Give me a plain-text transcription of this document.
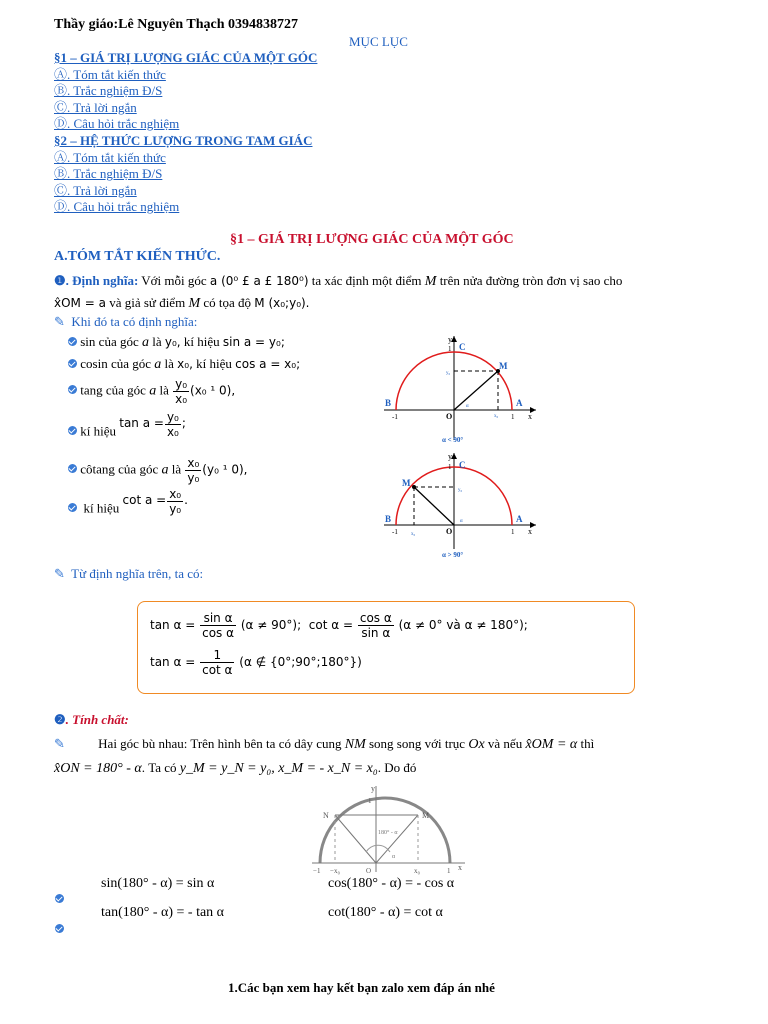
Thầy giáo:Lê Nguyên Thạch 0394838727
MỤC LỤC
§1 – GIÁ TRỊ LƯỢNG GIÁC CỦA MỘT GÓC
Ⓐ. Tóm tắt kiến thức
Ⓑ. Trắc nghiệm Đ/S
Ⓒ. Trả lời ngắn
Ⓓ. Câu hỏi trắc nghiệm
§2 – HỆ THỨC LƯỢNG TRONG TAM GIÁC
Ⓐ. Tóm tắt kiến thức
Ⓑ. Trắc nghiệm Đ/S
Ⓒ. Trả lời ngắn
Ⓓ. Câu hỏi trắc nghiệm
§1 – GIÁ TRỊ LƯỢNG GIÁC CỦA MỘT GÓC
A.TÓM TẮT KIẾN THỨC.
❶. Định nghĩa: Với mỗi góc a (0⁰ £ a £ 180⁰) ta xác định một điểm M trên nửa đường tròn đơn vị sao cho
x̂OM = a và giả sử điểm M có tọa độ M (x₀;y₀).
✎ Khi đó ta có định nghĩa:
sin của góc a là y₀, kí hiệu sin a = y₀;
cosin của góc a là x₀, kí hiệu cos a = x₀;
tang của góc a là $\frac{\text{y₀}}{\text{x₀}} (x_0$ ¹ 0),
kí hiệu $\tan a = \frac{\text{y₀}}{\text{x₀}}$ ;
côtang của góc a là $\frac{\text{x₀}}{\text{y₀}} (y_0$ ¹ 0),
kí hiệu $\cot a = \frac{\text{x₀}}{\text{y₀}}$ .
C
M
B	A
O
y
x
1
-1	1
y₀
x₀
α
α < 90°
C
M
B	A
O
y
x
1
-1	1
y₀
x₀
α
α > 90°
✎ Từ định nghĩa trên, ta có:
$\tan \alpha = \frac{\text{sin α}}{\text{cos α}} (\alpha \ne 90^\circ)$; $\cot \alpha = \frac{\text{cos α}}{\text{sin α}} (\alpha \ne 0^\circ$ và α ≠ 180°);
$\tan \alpha = \frac{1}{\text{cot α}} (\alpha$ ∉ {0°;90°;180°})
❷. Tính chất:
✎	Hai góc bù nhau: Trên hình bên ta có dây cung NM song song với trục Ox và nếu x̂OM = α thì
x̂ON = 180° - α. Ta có y_M = y_N = y₀, x_M = - x_N = x₀. Do đó
y
1
N	M
x
180° - α
α
−1 −x₀	O	x₀	1
sin(180° - α) = sin α	cos(180° - α) = - cos α
tan(180° - α) = - tan α	cot(180° - α) = cot α
1.Các bạn xem hay kết bạn zalo xem đáp án nhé
